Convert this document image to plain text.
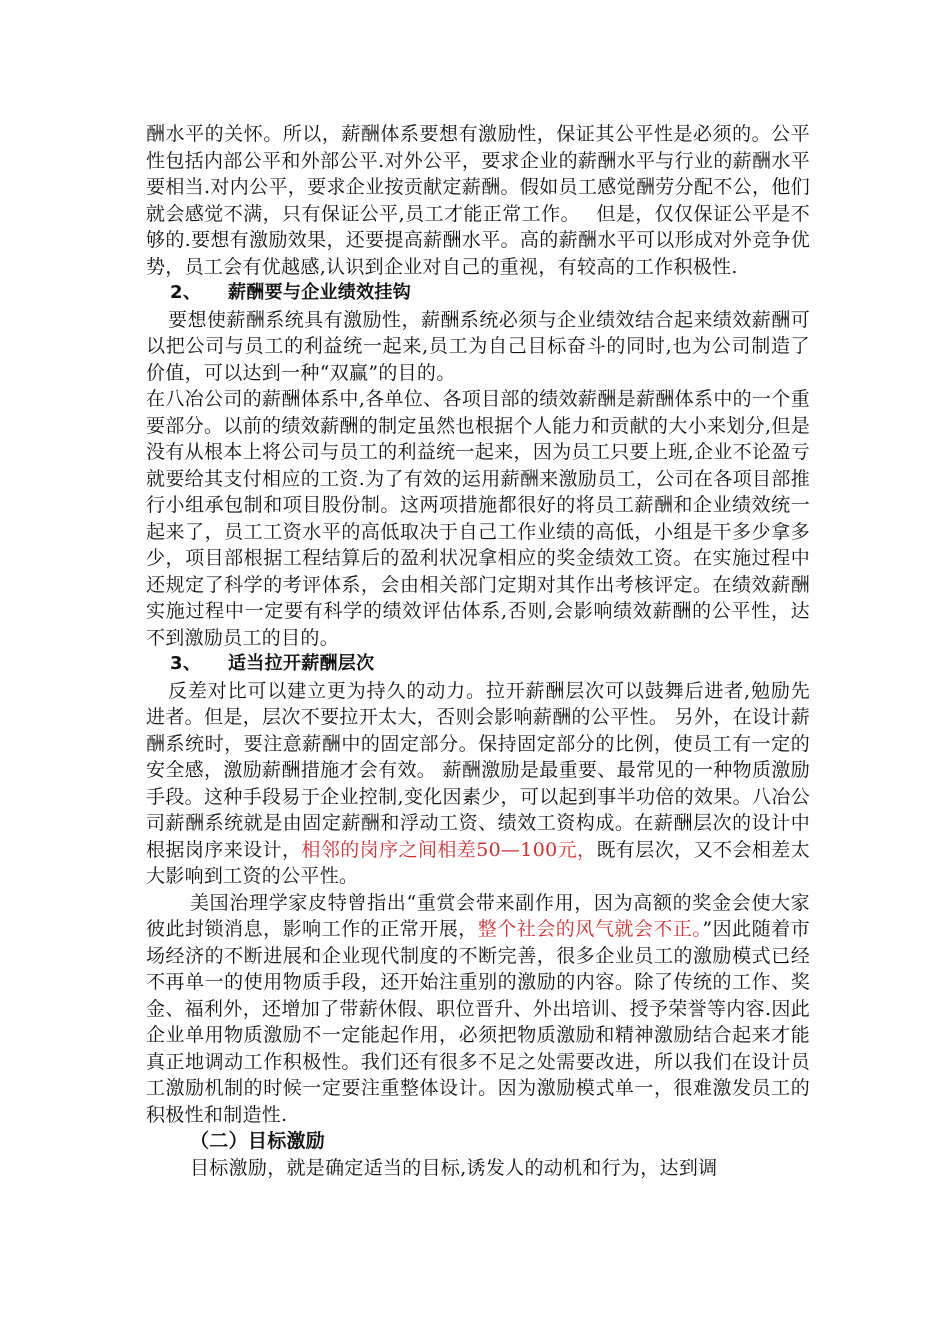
酬水平的关怀。所以，薪酬体系要想有激励性，保证其公平性是必须的。公平性包括内部公平和外部公平.对外公平，要求企业的薪酬水平与行业的薪酬水平要相当.对内公平，要求企业按贡献定薪酬。假如员工感觉酬劳分配不公，他们就会感觉不满，只有保证公平,员工才能正常工作。　 但是，仅仅保证公平是不够的.要想有激励效果，还要提高薪酬水平。高的薪酬水平可以形成对外竞争优势，员工会有优越感,认识到企业对自己的重视，有较高的工作积极性.

2、 薪酬要与企业绩效挂钩

要想使薪酬系统具有激励性，薪酬系统必须与企业绩效结合起来绩效薪酬可以把公司与员工的利益统一起来,员工为自己目标奋斗的同时,也为公司制造了价值，可以达到一种“双赢”的目的。

在八冶公司的薪酬体系中,各单位、各项目部的绩效薪酬是薪酬体系中的一个重要部分。以前的绩效薪酬的制定虽然也根据个人能力和贡献的大小来划分,但是没有从根本上将公司与员工的利益统一起来，因为员工只要上班,企业不论盈亏就要给其支付相应的工资.为了有效的运用薪酬来激励员工，公司在各项目部推行小组承包制和项目股份制。这两项措施都很好的将员工薪酬和企业绩效统一起来了，员工工资水平的高低取决于自己工作业绩的高低，小组是干多少拿多少，项目部根据工程结算后的盈利状况拿相应的奖金绩效工资。在实施过程中还规定了科学的考评体系，会由相关部门定期对其作出考核评定。在绩效薪酬实施过程中一定要有科学的绩效评估体系,否则,会影响绩效薪酬的公平性，达不到激励员工的目的。

3、 适当拉开薪酬层次

反差对比可以建立更为持久的动力。拉开薪酬层次可以鼓舞后进者,勉励先进者。但是，层次不要拉开太大，否则会影响薪酬的公平性。 另外，在设计薪酬系统时，要注意薪酬中的固定部分。保持固定部分的比例，使员工有一定的安全感，激励薪酬措施才会有效。 薪酬激励是最重要、最常见的一种物质激励手段。这种手段易于企业控制,变化因素少，可以起到事半功倍的效果。八冶公司薪酬系统就是由固定薪酬和浮动工资、绩效工资构成。在薪酬层次的设计中根据岗序来设计，相邻的岗序之间相差50—100元，既有层次，又不会相差太大影响到工资的公平性。

美国治理学家皮特曾指出“重赏会带来副作用，因为高额的奖金会使大家彼此封锁消息，影响工作的正常开展，整个社会的风气就会不正。”因此随着市场经济的不断进展和企业现代制度的不断完善，很多企业员工的激励模式已经不再单一的使用物质手段，还开始注重别的激励的内容。除了传统的工作、奖金、福利外，还增加了带薪休假、职位晋升、外出培训、授予荣誉等内容.因此企业单用物质激励不一定能起作用，必须把物质激励和精神激励结合起来才能真正地调动工作积极性。我们还有很多不足之处需要改进，所以我们在设计员工激励机制的时候一定要注重整体设计。因为激励模式单一，很难激发员工的积极性和制造性.

（二）目标激励

目标激励，就是确定适当的目标,诱发人的动机和行为，达到调
